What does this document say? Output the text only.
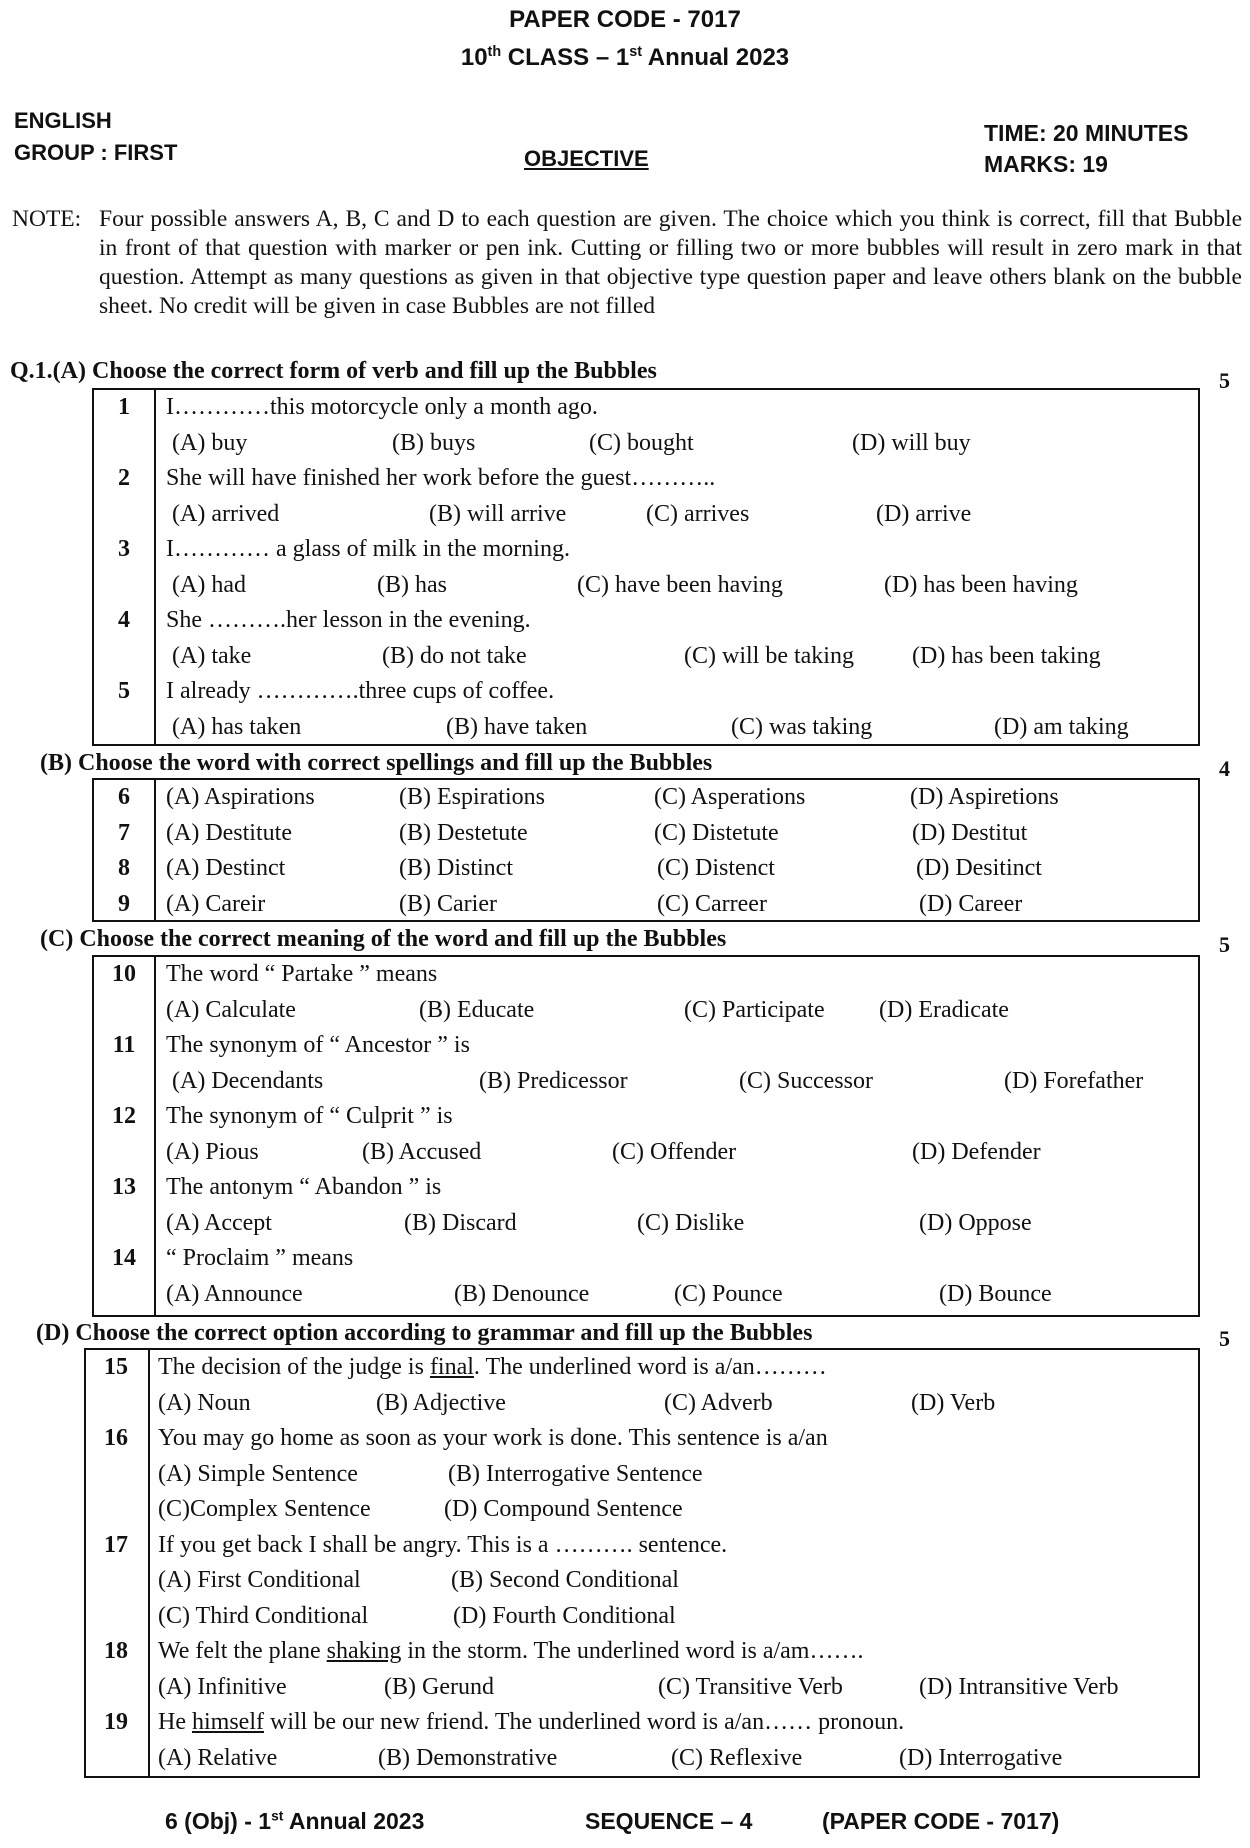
PAPER CODE - 7017
10th CLASS – 1st Annual 2023
ENGLISH
GROUP : FIRST	OBJECTIVE
TIME: 20 MINUTES
MARKS: 19
NOTE: Four possible answers A, B, C and D to each question are given. The choice which you think is correct, fill that Bubble in front of that question with marker or pen ink. Cutting or filling two or more bubbles will result in zero mark in that question. Attempt as many questions as given in that objective type question paper and leave others blank on the bubble sheet. No credit will be given in case Bubbles are not filled
Q.1.(A) Choose the correct form of verb and fill up the Bubbles	5
1	I…………this motorcycle only a month ago.
(A) buy	(B) buys	(C) bought	(D) will buy
2	She will have finished her work before the guest………..
(A) arrived	(B) will arrive	(C) arrives	(D) arrive
3	I………… a glass of milk in the morning.
(A) had	(B) has	(C) have been having	(D) has been having
4	She ……….her lesson in the evening.
(A) take	(B) do not take	(C) will be taking (D) has been taking
5	I already ………….three cups of coffee.
(A) has taken	(B) have taken	(C) was taking	(D) am taking
(B) Choose the word with correct spellings and fill up the Bubbles	4
6	(A) Aspirations	(B) Espirations	(C) Asperations	(D) Aspiretions
7	(A) Destitute	(B) Destetute	(C) Distetute	(D) Destitut
8	(A) Destinct	(B) Distinct	(C) Distenct	(D) Desitinct
9	(A) Careir	(B) Carier	(C) Carreer	(D) Career
(C) Choose the correct meaning of the word and fill up the Bubbles	5
10	The word “ Partake ” means
(A) Calculate	(B) Educate	(C) Participate (D) Eradicate
11	The synonym of “ Ancestor ” is
(A) Decendants	(B) Predicessor	(C) Successor	(D) Forefather
12	The synonym of “ Culprit ” is
(A) Pious	(B) Accused	(C) Offender	(D) Defender
13	The antonym “ Abandon ” is
(A) Accept	(B) Discard	(C) Dislike	(D) Oppose
14	“ Proclaim ” means
(A) Announce	(B) Denounce	(C) Pounce	(D) Bounce
(D) Choose the correct option according to grammar and fill up the Bubbles	5
15	The decision of the judge is final. The underlined word is a/an………
(A) Noun	(B) Adjective	(C) Adverb	(D) Verb
16	You may go home as soon as your work is done. This sentence is a/an
(A) Simple Sentence	(B) Interrogative Sentence
(C)Complex Sentence	(D) Compound Sentence
17	If you get back I shall be angry. This is a ………. sentence.
(A) First Conditional	(B) Second Conditional
(C) Third Conditional	(D) Fourth Conditional
18	We felt the plane shaking in the storm. The underlined word is a/am…….
(A) Infinitive	(B) Gerund	(C) Transitive Verb	(D) Intransitive Verb
19	He himself will be our new friend. The underlined word is a/an…… pronoun.
(A) Relative	(B) Demonstrative	(C) Reflexive	(D) Interrogative
6 (Obj) - 1st Annual 2023	SEQUENCE – 4	(PAPER CODE - 7017)
